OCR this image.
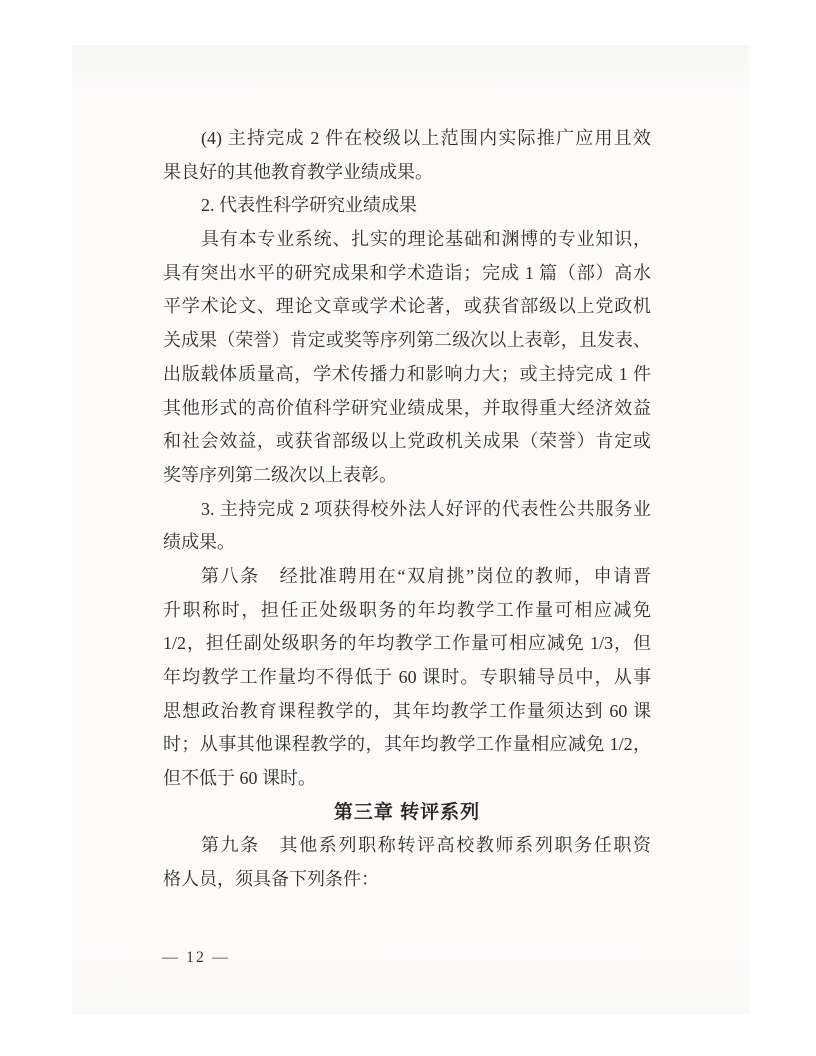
(4) 主持完成 2 件在校级以上范围内实际推广应用且效
果良好的其他教育教学业绩成果。
2. 代表性科学研究业绩成果
具有本专业系统、扎实的理论基础和渊博的专业知识，
具有突出水平的研究成果和学术造诣；完成 1 篇（部）高水
平学术论文、理论文章或学术论著，或获省部级以上党政机
关成果（荣誉）肯定或奖等序列第二级次以上表彰，且发表、
出版载体质量高，学术传播力和影响力大；或主持完成 1 件
其他形式的高价值科学研究业绩成果，并取得重大经济效益
和社会效益，或获省部级以上党政机关成果（荣誉）肯定或
奖等序列第二级次以上表彰。
3. 主持完成 2 项获得校外法人好评的代表性公共服务业
绩成果。
第八条　经批准聘用在“双肩挑”岗位的教师，申请晋
升职称时，担任正处级职务的年均教学工作量可相应减免
1/2，担任副处级职务的年均教学工作量可相应减免 1/3，但
年均教学工作量均不得低于 60 课时。专职辅导员中，从事
思想政治教育课程教学的，其年均教学工作量须达到 60 课
时；从事其他课程教学的，其年均教学工作量相应减免 1/2，
但不低于 60 课时。
第三章 转评系列
第九条　其他系列职称转评高校教师系列职务任职资
格人员，须具备下列条件：
— 12 —
